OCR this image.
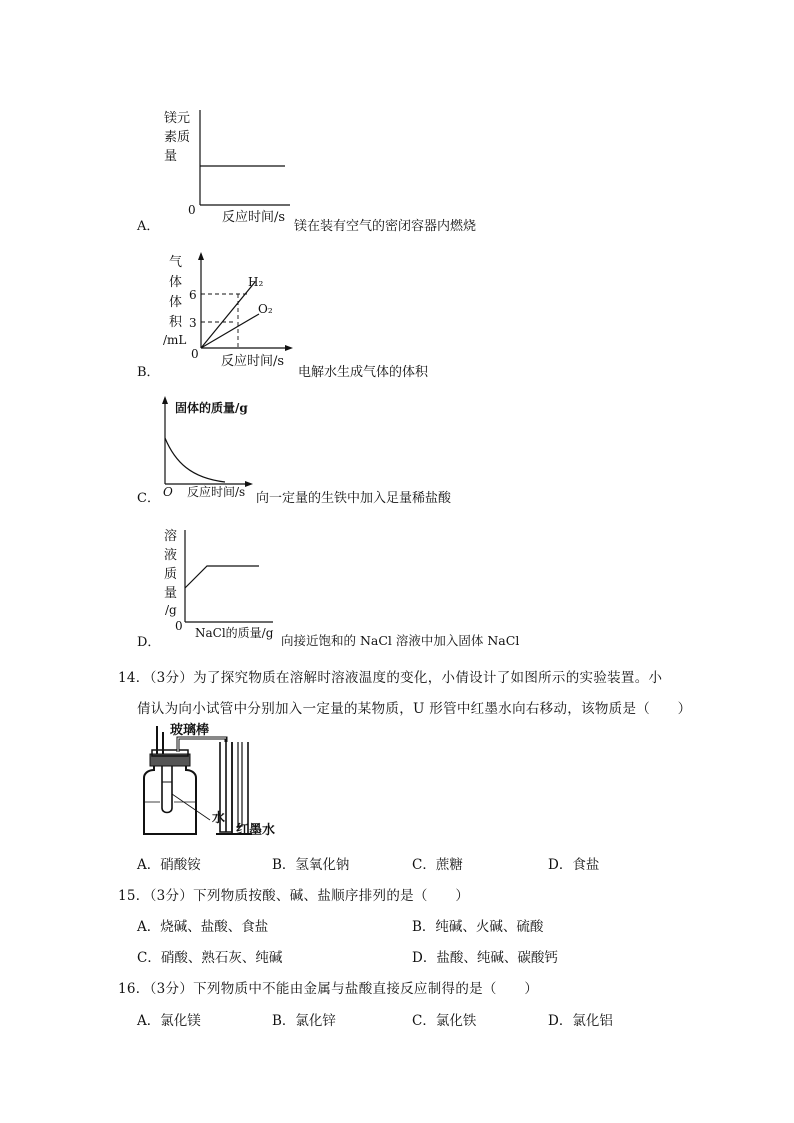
镁元
素质
量
0 反应时间/s
A．	镁在装有空气的密闭容器内燃烧
H₂
O₂
6
3
气
体
体
积
/mL
0 反应时间/s
B．	电解水生成气体的体积
固体的质量/g
O 反应时间/s
C．	向一定量的生铁中加入足量稀盐酸
溶
液
质
量
/g
0 NaCl的质量/g
D．	向接近饱和的 NaCl 溶液中加入固体 NaCl
14．（3分）为了探究物质在溶解时溶液温度的变化，小倩设计了如图所示的实验装置。小
倩认为向小试管中分别加入一定量的某物质，U 形管中红墨水向右移动，该物质是（　　）
玻璃棒
水
红墨水
A．硝酸铵	B．氢氧化钠	C．蔗糖	D．食盐
15．（3分）下列物质按酸、碱、盐顺序排列的是（　　）
A．烧碱、盐酸、食盐	B．纯碱、火碱、硫酸
C．硝酸、熟石灰、纯碱	D．盐酸、纯碱、碳酸钙
16．（3分）下列物质中不能由金属与盐酸直接反应制得的是（　　）
A．氯化镁	B．氯化锌	C．氯化铁	D．氯化铝
